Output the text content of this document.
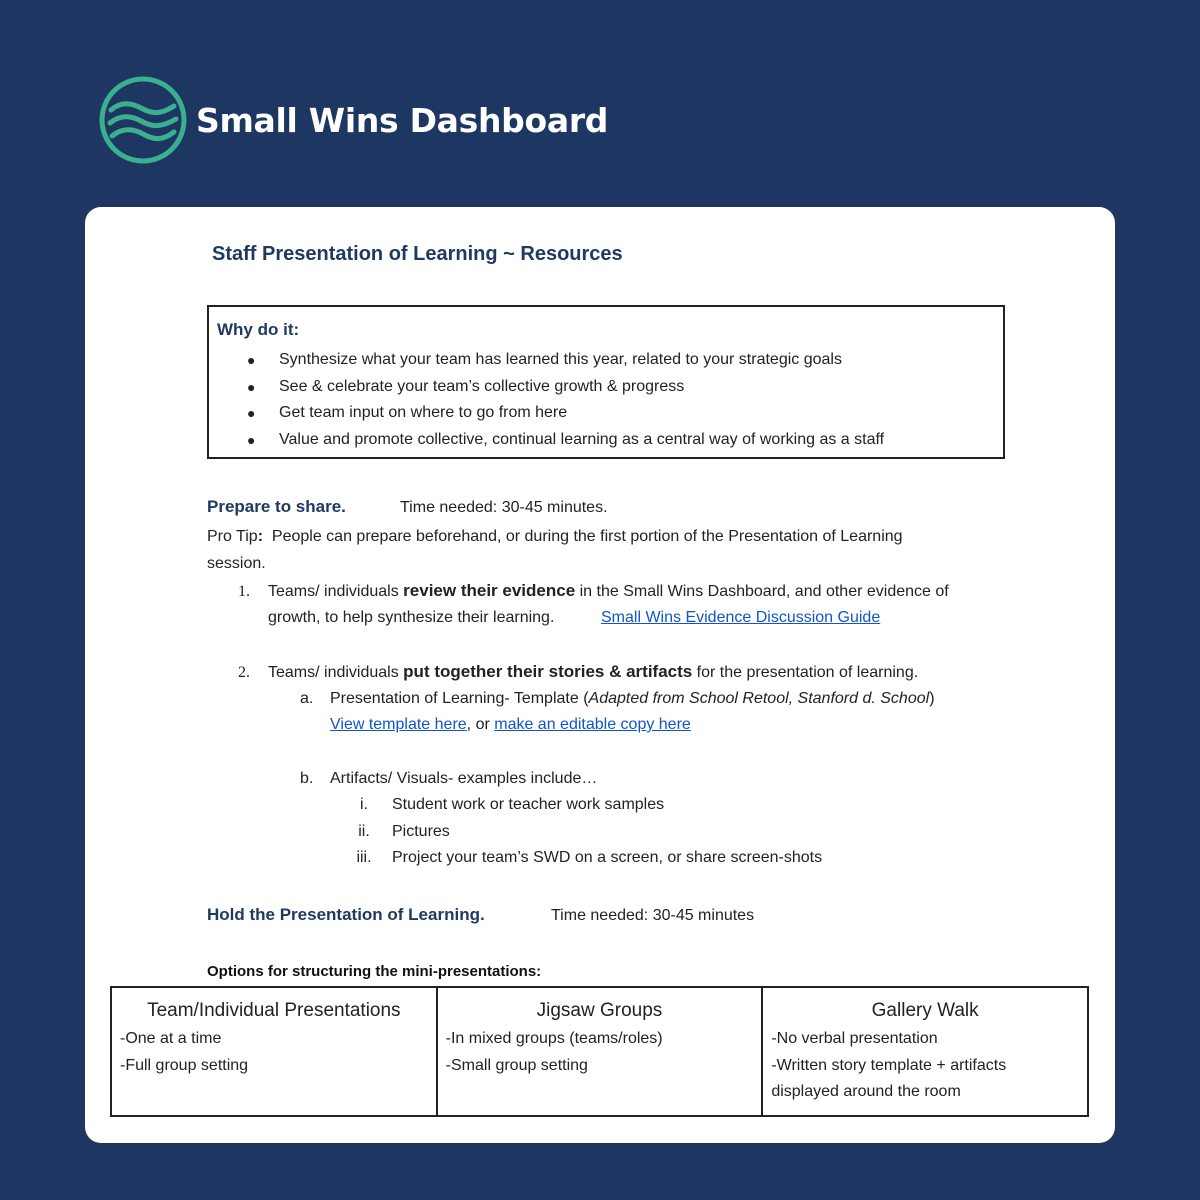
Small Wins Dashboard
Staff Presentation of Learning ~ Resources
Why do it:
●	Synthesize what your team has learned this year, related to your strategic goals
●	See & celebrate your team’s collective growth & progress
●	Get team input on where to go from here
●	Value and promote collective, continual learning as a central way of working as a staff
Prepare to share.	Time needed: 30-45 minutes.
Pro Tip: People can prepare beforehand, or during the first portion of the Presentation of Learning
session.
1. Teams/ individuals review their evidence in the Small Wins Dashboard, and other evidence of
growth, to help synthesize their learning.	Small Wins Evidence Discussion Guide
2. Teams/ individuals put together their stories & artifacts for the presentation of learning.
a. Presentation of Learning- Template (Adapted from School Retool, Stanford d. School)
View template here, or make an editable copy here
b. Artifacts/ Visuals- examples include…
i.	Student work or teacher work samples
ii.	Pictures
iii.	Project your team’s SWD on a screen, or share screen-shots
Hold the Presentation of Learning.	Time needed: 30-45 minutes
Options for structuring the mini-presentations:
Team/Individual Presentations
-One at a time
-Full group setting

Jigsaw Groups
-In mixed groups (teams/roles)
-Small group setting

Gallery Walk
-No verbal presentation
-Written story template + artifacts
displayed around the room
